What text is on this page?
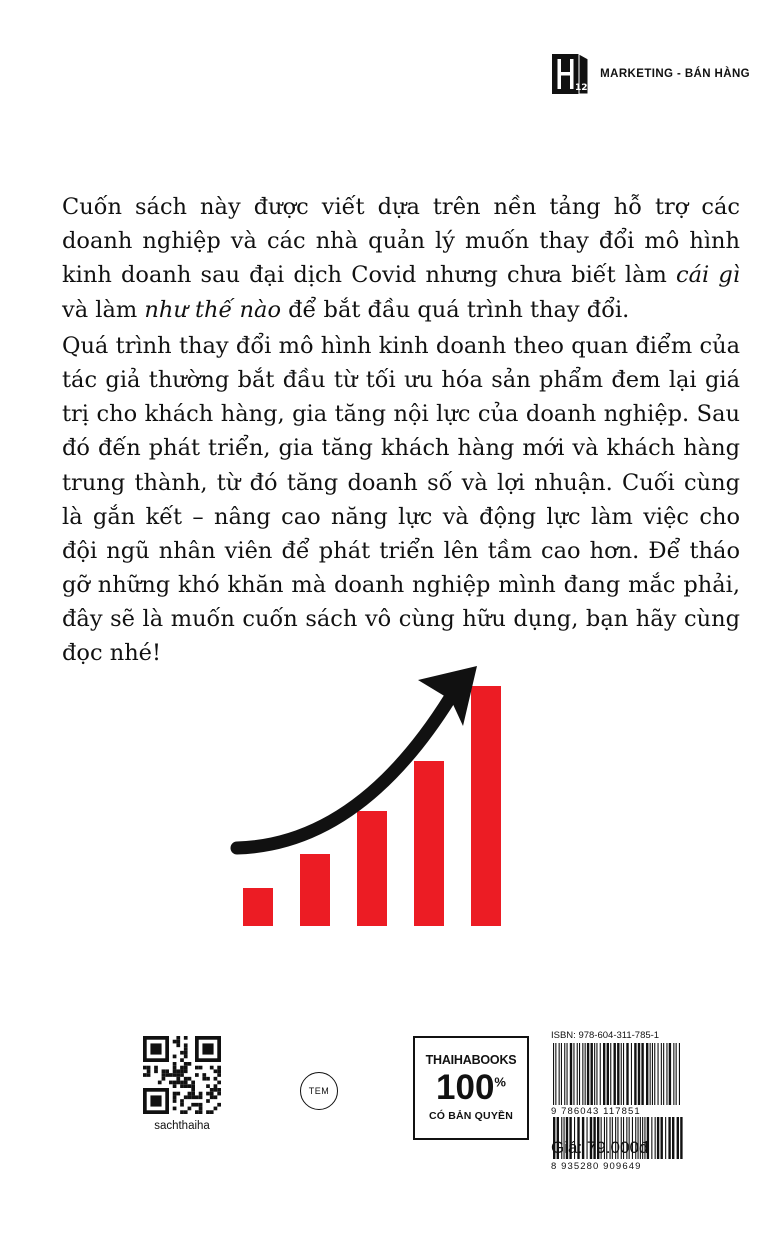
12
MARKETING - BÁN HÀNG

Cuốn sách này được viết dựa trên nền tảng hỗ trợ các doanh nghiệp và các nhà quản lý muốn thay đổi mô hình kinh doanh sau đại dịch Covid nhưng chưa biết làm cái gì và làm như thế nào để bắt đầu quá trình thay đổi.

Quá trình thay đổi mô hình kinh doanh theo quan điểm của tác giả thường bắt đầu từ tối ưu hóa sản phẩm đem lại giá trị cho khách hàng, gia tăng nội lực của doanh nghiệp. Sau đó đến phát triển, gia tăng khách hàng mới và khách hàng trung thành, từ đó tăng doanh số và lợi nhuận. Cuối cùng là gắn kết – nâng cao năng lực và động lực làm việc cho đội ngũ nhân viên để phát triển lên tầm cao hơn. Để tháo gỡ những khó khăn mà doanh nghiệp mình đang mắc phải, đây sẽ là muốn cuốn sách vô cùng hữu dụng, bạn hãy cùng đọc nhé!

sachthaiha
TEM
THAIHABOOKS
100%
CÓ BẢN QUYỀN
ISBN: 978-604-311-785-1
9 786043 117851
8 935280 909649
Giá: 79.000đ
